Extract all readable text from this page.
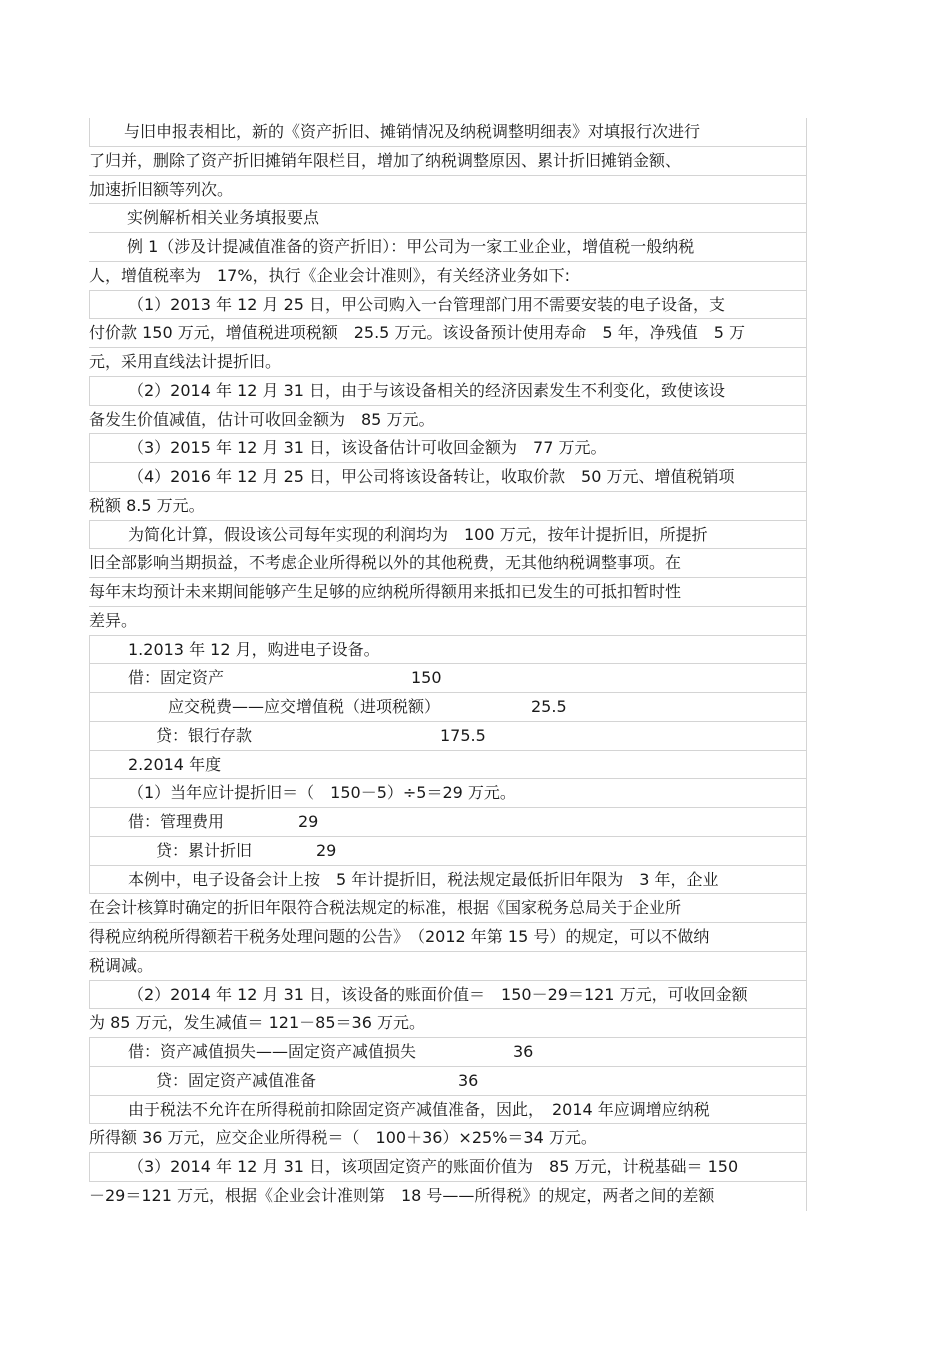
与旧申报表相比，新的《资产折旧、摊销情况及纳税调整明细表》对填报行次进行
了归并，删除了资产折旧摊销年限栏目，增加了纳税调整原因、累计折旧摊销金额、
加速折旧额等列次。
实例解析相关业务填报要点
例 1（涉及计提减值准备的资产折旧）：甲公司为一家工业企业，增值税一般纳税
人，增值税率为　17%，执行《企业会计准则》，有关经济业务如下:
（1）2013 年 12 月 25 日，甲公司购入一台管理部门用不需要安装的电子设备，支
付价款 150 万元，增值税进项税额　25.5 万元。该设备预计使用寿命　5 年，净残值　5 万
元，采用直线法计提折旧。
（2）2014 年 12 月 31 日，由于与该设备相关的经济因素发生不利变化，致使该设
备发生价值减值，估计可收回金额为　85 万元。
（3）2015 年 12 月 31 日，该设备估计可收回金额为　77 万元。
（4）2016 年 12 月 25 日，甲公司将该设备转让，收取价款　50 万元、增值税销项
税额 8.5 万元。
为简化计算，假设该公司每年实现的利润均为　100 万元，按年计提折旧，所提折
旧全部影响当期损益，不考虑企业所得税以外的其他税费，无其他纳税调整事项。在
每年末均预计未来期间能够产生足够的应纳税所得额用来抵扣已发生的可抵扣暂时性
差异。
1.2013 年 12 月，购进电子设备。
借：固定资产	150
应交税费——应交增值税（进项税额）	25.5
贷：银行存款	175.5
2.2014 年度
（1）当年应计提折旧＝（　150－5）÷5＝29 万元。
借：管理费用	29
贷：累计折旧	29
本例中，电子设备会计上按　5 年计提折旧，税法规定最低折旧年限为　3 年，企业
在会计核算时确定的折旧年限符合税法规定的标准，根据《国家税务总局关于企业所
得税应纳税所得额若干税务处理问题的公告》　（2012 年第 15 号）的规定，可以不做纳
税调减。
（2）2014 年 12 月 31 日，该设备的账面价值＝　150－29＝121 万元，可收回金额
为 85 万元，发生减值＝ 121－85＝36 万元。
借：资产减值损失——固定资产减值损失	36
贷：固定资产减值准备	36
由于税法不允许在所得税前扣除固定资产减值准备，因此，　2014 年应调增应纳税
所得额 36 万元，应交企业所得税＝（　100＋36）×25%＝34 万元。
（3）2014 年 12 月 31 日，该项固定资产的账面价值为　85 万元，计税基础＝ 150
－29＝121 万元，根据《企业会计准则第　18 号——所得税》的规定，两者之间的差额
